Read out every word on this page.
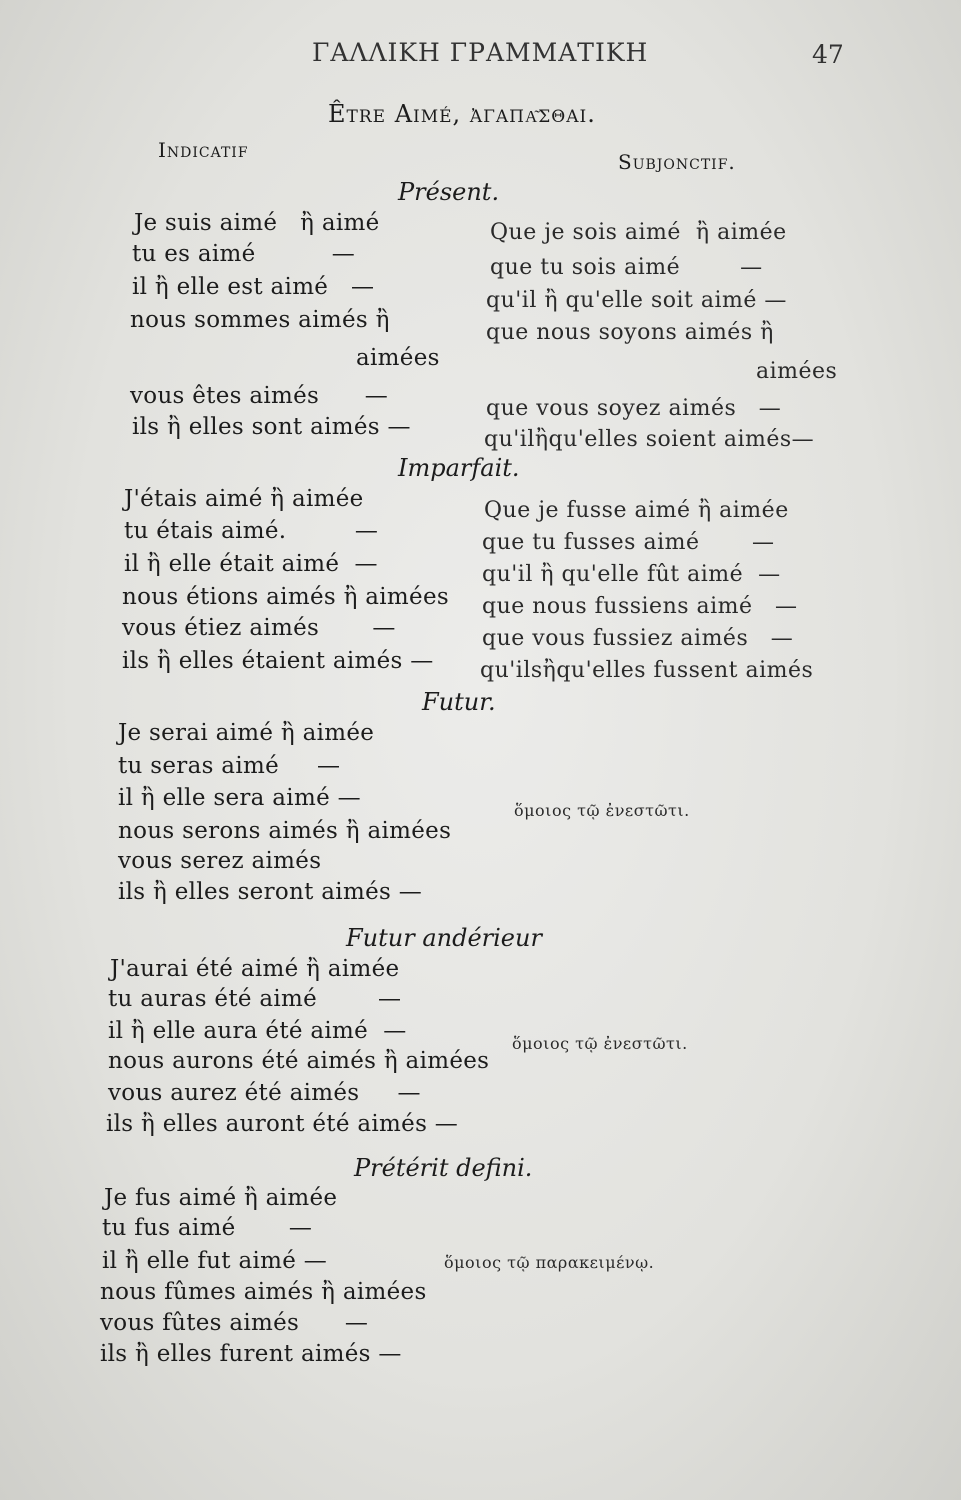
ΓΑΛΛΙΚΗ ΓΡΑΜΜΑΤΙΚΗ	47
Être Aimé, ἀγαπᾶσθαι.
Indicatif	Subjonctif.
Présent.
Je suis aimé   ἢ aimé
tu es aimé          —
il ἢ elle est aimé   —
nous sommes aimés ἢ
aimées
vous êtes aimés      —
ils ἢ elles sont aimés —
Que je sois aimé  ἢ aimée
que tu sois aimé        —
qu'il ἢ qu'elle soit aimé —
que nous soyons aimés ἢ
aimées
que vous soyez aimés   —
qu'ilἢqu'elles soient aimés—
Imparfait.
J'étais aimé ἢ aimée
tu étais aimé.         —
il ἢ elle était aimé  —
nous étions aimés ἢ aimées
vous étiez aimés       —
ils ἢ elles étaient aimés —
Que je fusse aimé ἢ aimée
que tu fusses aimé       —
qu'il ἢ qu'elle fût aimé  —
que nous fussiens aimé   —
que vous fussiez aimés   —
qu'ilsἢqu'elles fussent aimés
Futur.
Je serai aimé ἢ aimée
tu seras aimé     —
il ἢ elle sera aimé —
nous serons aimés ἢ aimées
vous serez aimés
ils ἢ elles seront aimés —
ὅμοιος τῷ ἐνεστῶτι.
Futur andérieur
J'aurai été aimé ἢ aimée
tu auras été aimé        —
il ἢ elle aura été aimé  —
nous aurons été aimés ἢ aimées
vous aurez été aimés     —
ils ἢ elles auront été aimés —
ὅμοιος τῷ ἐνεστῶτι.
Prétérit defini.
Je fus aimé ἢ aimée
tu fus aimé       —
il ἢ elle fut aimé —
nous fûmes aimés ἢ aimées
vous fûtes aimés      —
ils ἢ elles furent aimés —
ὅμοιος τῷ παρακειμένῳ.
